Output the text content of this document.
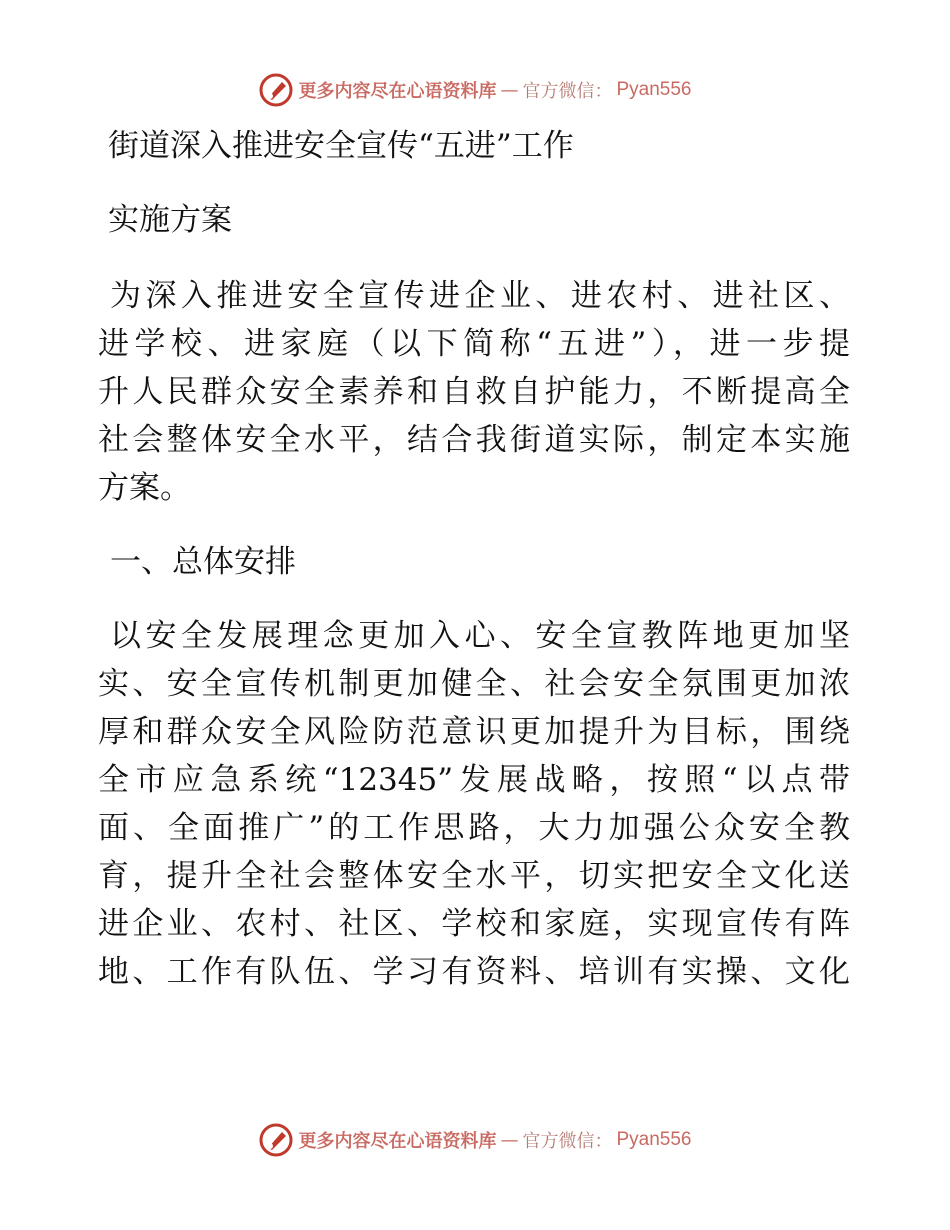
更多内容尽在心语资料库 — 官方微信： Pyan556
街道深入推进安全宣传“五进”工作
实施方案
为深入推进安全宣传进企业、进农村、进社区、
进学校、进家庭（以下简称“五进”），进一步提
升人民群众安全素养和自救自护能力，不断提高全
社会整体安全水平，结合我街道实际，制定本实施
方案。
一、总体安排
以安全发展理念更加入心、安全宣教阵地更加坚
实、安全宣传机制更加健全、社会安全氛围更加浓
厚和群众安全风险防范意识更加提升为目标，围绕
全市应急系统“12345”发展战略，按照“以点带
面、全面推广”的工作思路，大力加强公众安全教
育，提升全社会整体安全水平，切实把安全文化送
进企业、农村、社区、学校和家庭，实现宣传有阵
地、工作有队伍、学习有资料、培训有实操、文化
更多内容尽在心语资料库 — 官方微信： Pyan556
